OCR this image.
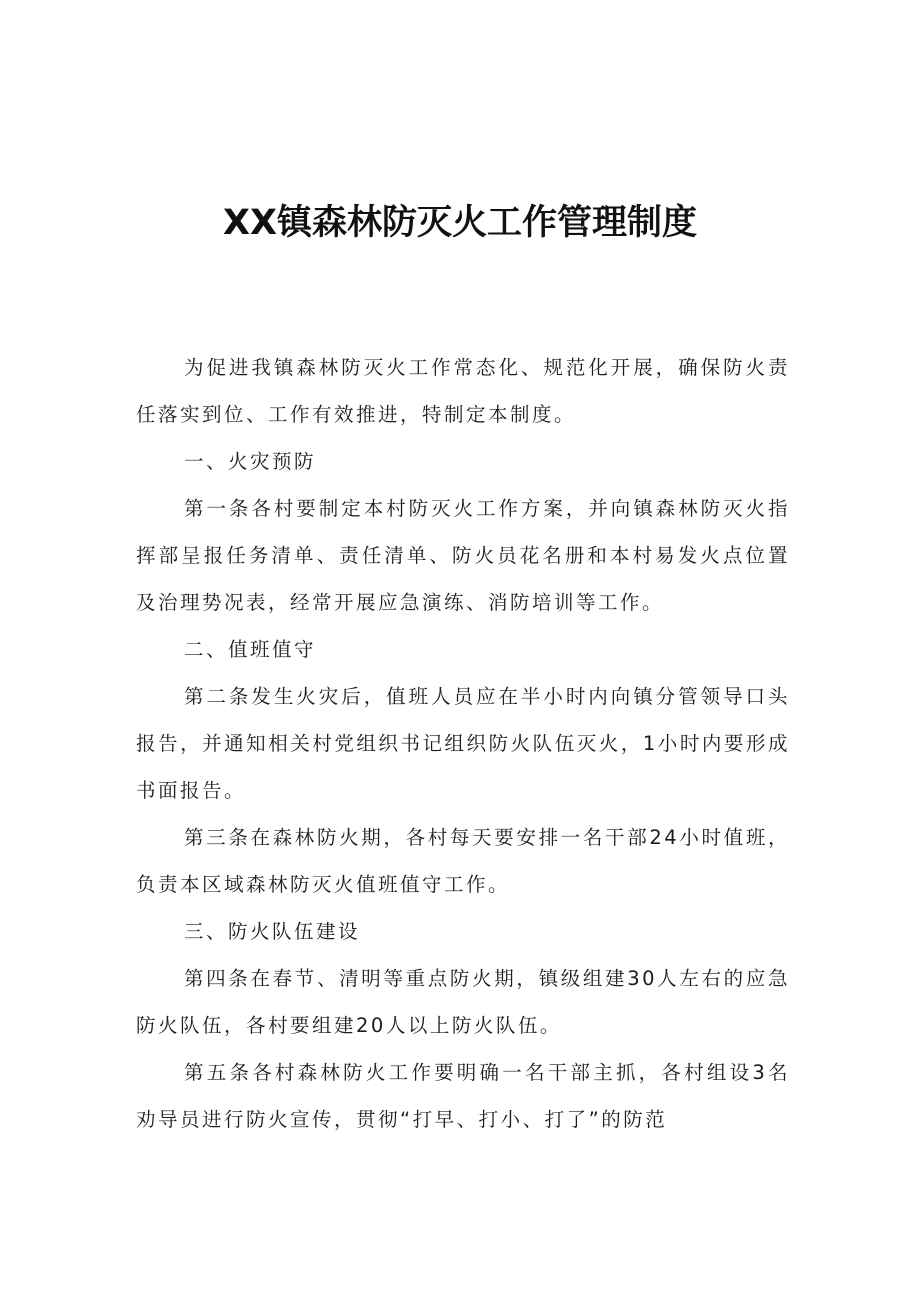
XX镇森林防灭火工作管理制度

为促进我镇森林防灭火工作常态化、规范化开展，确保防火责任落实到位、工作有效推进，特制定本制度。

一、火灾预防

第一条各村要制定本村防灭火工作方案，并向镇森林防灭火指挥部呈报任务清单、责任清单、防火员花名册和本村易发火点位置及治理势况表，经常开展应急演练、消防培训等工作。

二、值班值守

第二条发生火灾后，值班人员应在半小时内向镇分管领导口头报告，并通知相关村党组织书记组织防火队伍灭火，1小时内要形成书面报告。

第三条在森林防火期，各村每天要安排一名干部24小时值班，负责本区域森林防灭火值班值守工作。

三、防火队伍建设

第四条在春节、清明等重点防火期，镇级组建30人左右的应急防火队伍，各村要组建20人以上防火队伍。

第五条各村森林防火工作要明确一名干部主抓，各村组设3名劝导员进行防火宣传，贯彻“打早、打小、打了”的防范
